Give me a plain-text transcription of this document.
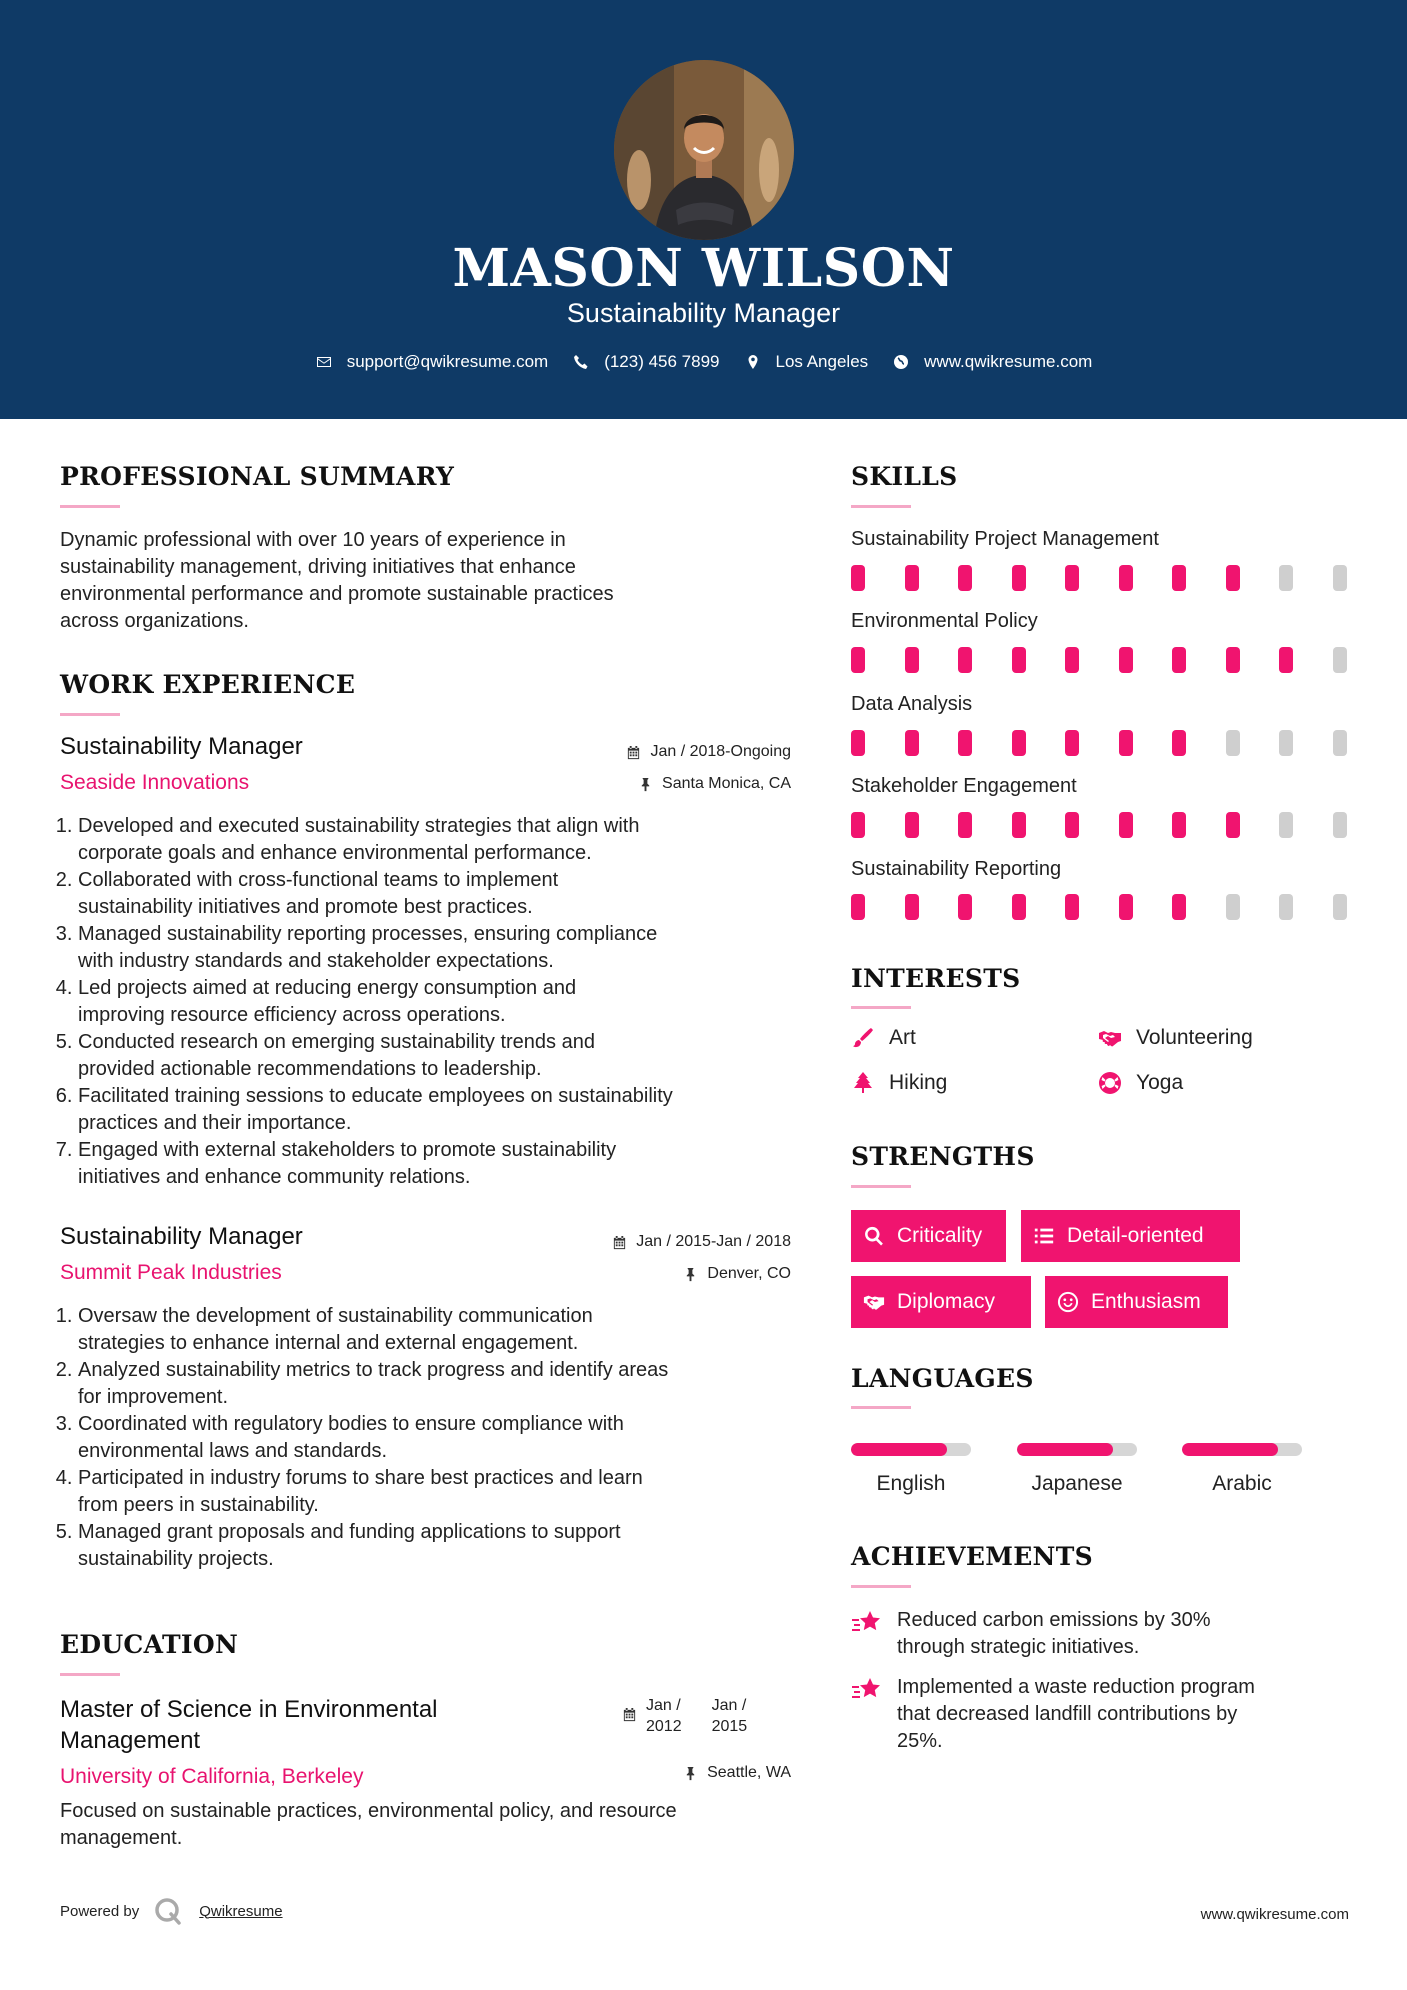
MASON WILSON
Sustainability Manager
support@qwikresume.com	(123) 456 7899	Los Angeles	www.qwikresume.com
PROFESSIONAL SUMMARY
Dynamic professional with over 10 years of experience in
sustainability management, driving initiatives that enhance
environmental performance and promote sustainable practices
across organizations.
WORK EXPERIENCE
Sustainability Manager
Seaside Innovations
Jan / 2018-Ongoing
Santa Monica, CA
1. Developed and executed sustainability strategies that align with
corporate goals and enhance environmental performance.
2. Collaborated with cross-functional teams to implement
sustainability initiatives and promote best practices.
3. Managed sustainability reporting processes, ensuring compliance
with industry standards and stakeholder expectations.
4. Led projects aimed at reducing energy consumption and
improving resource efficiency across operations.
5. Conducted research on emerging sustainability trends and
provided actionable recommendations to leadership.
6. Facilitated training sessions to educate employees on sustainability
practices and their importance.
7. Engaged with external stakeholders to promote sustainability
initiatives and enhance community relations.
Sustainability Manager
Summit Peak Industries
Jan / 2015-Jan / 2018
Denver, CO
1. Oversaw the development of sustainability communication
strategies to enhance internal and external engagement.
2. Analyzed sustainability metrics to track progress and identify areas
for improvement.
3. Coordinated with regulatory bodies to ensure compliance with
environmental laws and standards.
4. Participated in industry forums to share best practices and learn
from peers in sustainability.
5. Managed grant proposals and funding applications to support
sustainability projects.
EDUCATION
Master of Science in Environmental
Management
University of California, Berkeley
Jan /
2012
Jan /
2015
Seattle, WA
Focused on sustainable practices, environmental policy, and resource
management.
SKILLS
Sustainability Project Management
Environmental Policy
Data Analysis
Stakeholder Engagement
Sustainability Reporting
INTERESTS
Art	Volunteering
Hiking	Yoga
STRENGTHS
Criticality	Detail-oriented
Diplomacy	Enthusiasm
LANGUAGES
English	Japanese	Arabic
ACHIEVEMENTS
Reduced carbon emissions by 30%
through strategic initiatives.
Implemented a waste reduction program
that decreased landfill contributions by
25%.
Powered by	Qwikresume	www.qwikresume.com
